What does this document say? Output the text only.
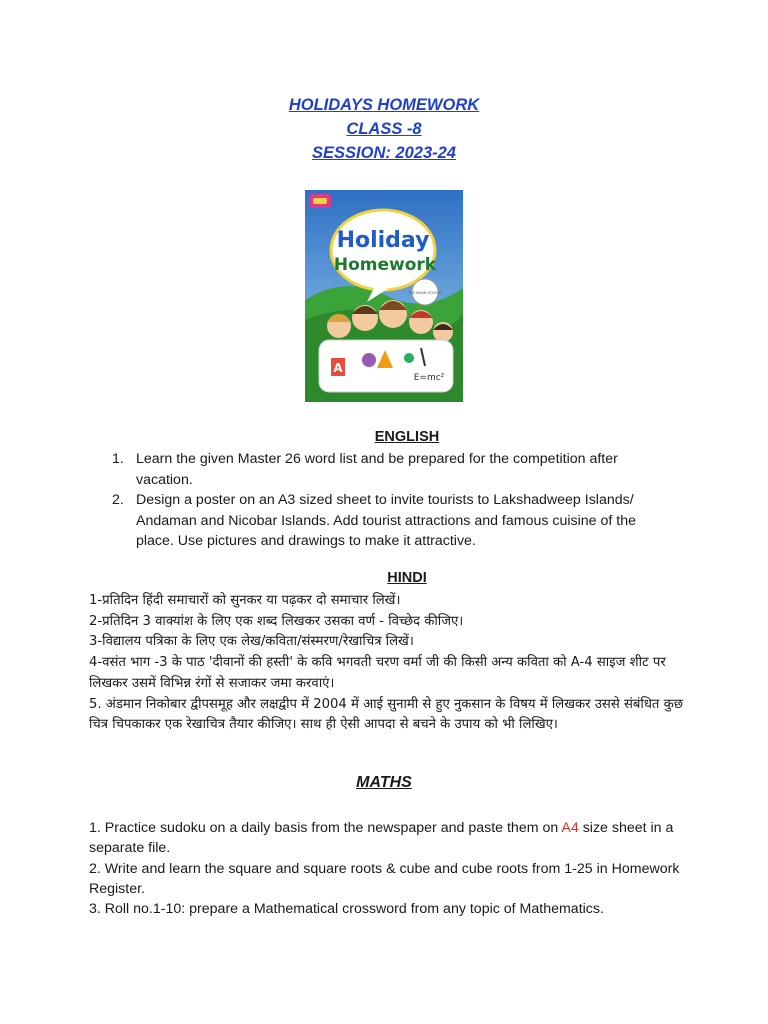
HOLIDAYS HOMEWORK
CLASS -8
SESSION: 2023-24
Holiday
Homework
THE MANN SCHOOL
A
E=mc²
ENGLISH
1. Learn the given Master 26 word list and be prepared for the competition after vacation.
2. Design a poster on an A3 sized sheet to invite tourists to Lakshadweep Islands/ Andaman and Nicobar Islands. Add tourist attractions and famous cuisine of the place. Use pictures and drawings to make it attractive.
HINDI

1-प्रतिदिन हिंदी समाचारों को सुनकर या पढ़कर दो समाचार लिखें।

2-प्रतिदिन 3 वाक्यांश के लिए एक शब्द लिखकर उसका वर्ण - विच्छेद कीजिए।

3-विद्यालय पत्रिका के लिए एक लेख/कविता/संस्मरण/रेखाचित्र लिखें।

4-वसंत भाग -3 के पाठ 'दीवानों की हस्ती' के कवि भगवती चरण वर्मा जी की किसी अन्य कविता को A-4 साइज शीट पर लिखकर उसमें विभिन्न रंगों से सजाकर जमा करवाएं।

5. अंडमान निकोबार द्वीपसमूह और लक्षद्वीप में 2004 में आई सुनामी से हुए नुकसान के विषय में लिखकर उससे संबंधित कुछ चित्र चिपकाकर एक रेखाचित्र तैयार कीजिए। साथ ही ऐसी आपदा से बचने के उपाय को भी लिखिए।

MATHS

1. Practice sudoku on a daily basis from the newspaper and paste them on A4 size sheet in a separate file.

2. Write and learn the square and square roots & cube and cube roots from 1-25 in Homework Register.

3. Roll no.1-10: prepare a Mathematical crossword from any topic of Mathematics.
